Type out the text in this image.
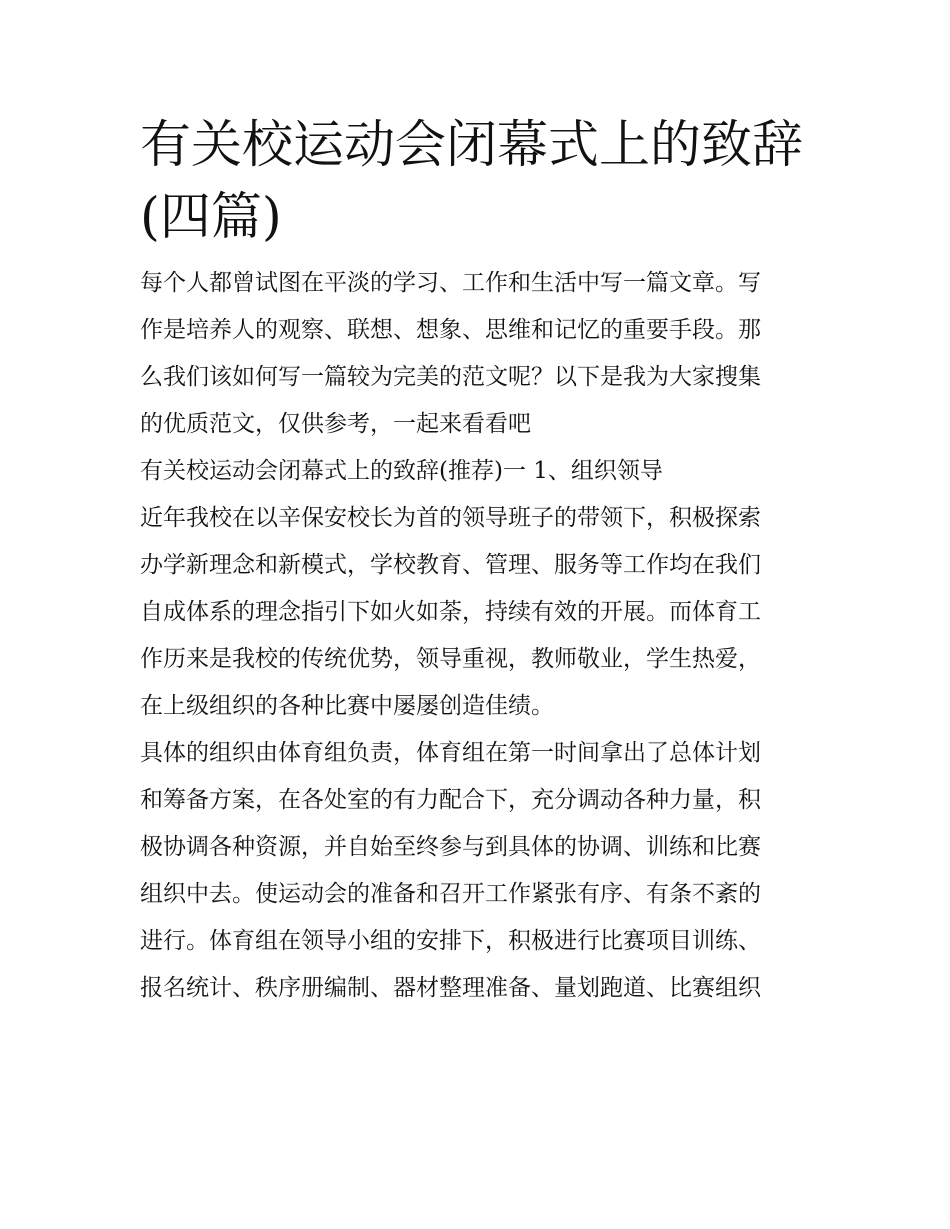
有关校运动会闭幕式上的致辞
(四篇)
每个人都曾试图在平淡的学习、工作和生活中写一篇文章。写
作是培养人的观察、联想、想象、思维和记忆的重要手段。那
么我们该如何写一篇较为完美的范文呢？以下是我为大家搜集
的优质范文，仅供参考，一起来看看吧
有关校运动会闭幕式上的致辞(推荐)一 1、组织领导
近年我校在以辛保安校长为首的领导班子的带领下，积极探索
办学新理念和新模式，学校教育、管理、服务等工作均在我们
自成体系的理念指引下如火如荼，持续有效的开展。而体育工
作历来是我校的传统优势，领导重视，教师敬业，学生热爱，
在上级组织的各种比赛中屡屡创造佳绩。
具体的组织由体育组负责，体育组在第一时间拿出了总体计划
和筹备方案，在各处室的有力配合下，充分调动各种力量，积
极协调各种资源，并自始至终参与到具体的协调、训练和比赛
组织中去。使运动会的准备和召开工作紧张有序、有条不紊的
进行。体育组在领导小组的安排下，积极进行比赛项目训练、
报名统计、秩序册编制、器材整理准备、量划跑道、比赛组织
